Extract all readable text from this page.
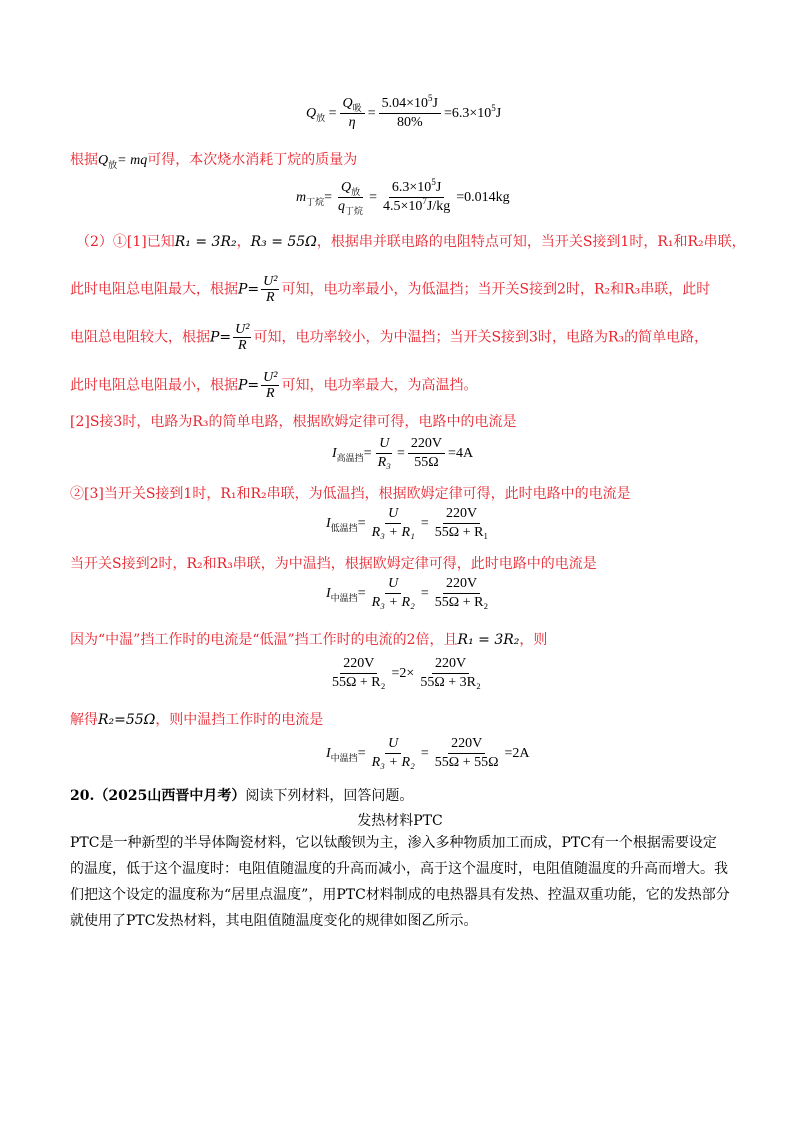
Q 放 = $\frac{Q_吸}{\eta} = \frac{5.04\times 10^5J}{80\%} =6.3\times 10^5J$
根据$Q_放=$ mq可得，本次烧水消耗丁烷的质量为
m 丁烷 = $\frac{Q_放}{q_{丁烷}} = \frac{6.3\times 10^5J}{4.5\times 10^7J/kg} =0.014kg$
（2）①[1]已知R₁ = 3R₂，R₃ = 55Ω，根据串并联电路的电阻特点可知，当开关S接到1时，R₁和R₂串联，
此时电阻总电阻最大，根据$P= \frac{\text{U²}}{R}$ 可知，电功率最小，为低温挡；当开关S接到2时，R₂和R₃串联，此时
电阻总电阻较大，根据$P= \frac{\text{U²}}{R}$ 可知，电功率较小，为中温挡；当开关S接到3时，电路为R₃的简单电路，
此时电阻总电阻最小，根据$P= \frac{\text{U²}}{R}$ 可知，电功率最大，为高温挡。
[2]S接3时，电路为R₃的简单电路，根据欧姆定律可得，电路中的电流是
I 高温挡 = $\frac{U}{\text{R₃}} = \frac{220V}{55\Omega} =4A$
②[3]当开关S接到1时，R₁和R₂串联，为低温挡，根据欧姆定律可得，此时电路中的电流是
I 低温挡 = $\frac{U}{\text{R₃ + R₁}} = \frac{220V}{\text{55Ω + R₁}}$
当开关S接到2时，R₂和R₃串联，为中温挡，根据欧姆定律可得，此时电路中的电流是
I 中温挡 = $\frac{U}{\text{R₃ + R₂}} = \frac{220V}{\text{55Ω + R₂}}$
因为“中温”挡工作时的电流是“低温”挡工作时的电流的2倍，且R₁ = 3R₂，则
$\frac{220V}{\text{55Ω + R₂}} =2\times \frac{220V}{\text{55Ω + 3R₂}}$
解得R₂=55Ω，则中温挡工作时的电流是
I 中温挡 = $\frac{U}{\text{R₃ + R₂}} = \frac{220V}{55\Omega + 55\Omega} =2A$
20.（2025山西晋中月考）阅读下列材料，回答问题。
发热材料PTC
PTC是一种新型的半导体陶瓷材料，它以钛酸钡为主，渗入多种物质加工而成，PTC有一个根据需要设定的温度，低于这个温度时：电阻值随温度的升高而减小，高于这个温度时，电阻值随温度的升高而增大。我们把这个设定的温度称为“居里点温度”，用PTC材料制成的电热器具有发热、控温双重功能，它的发热部分就使用了PTC发热材料，其电阻值随温度变化的规律如图乙所示。
